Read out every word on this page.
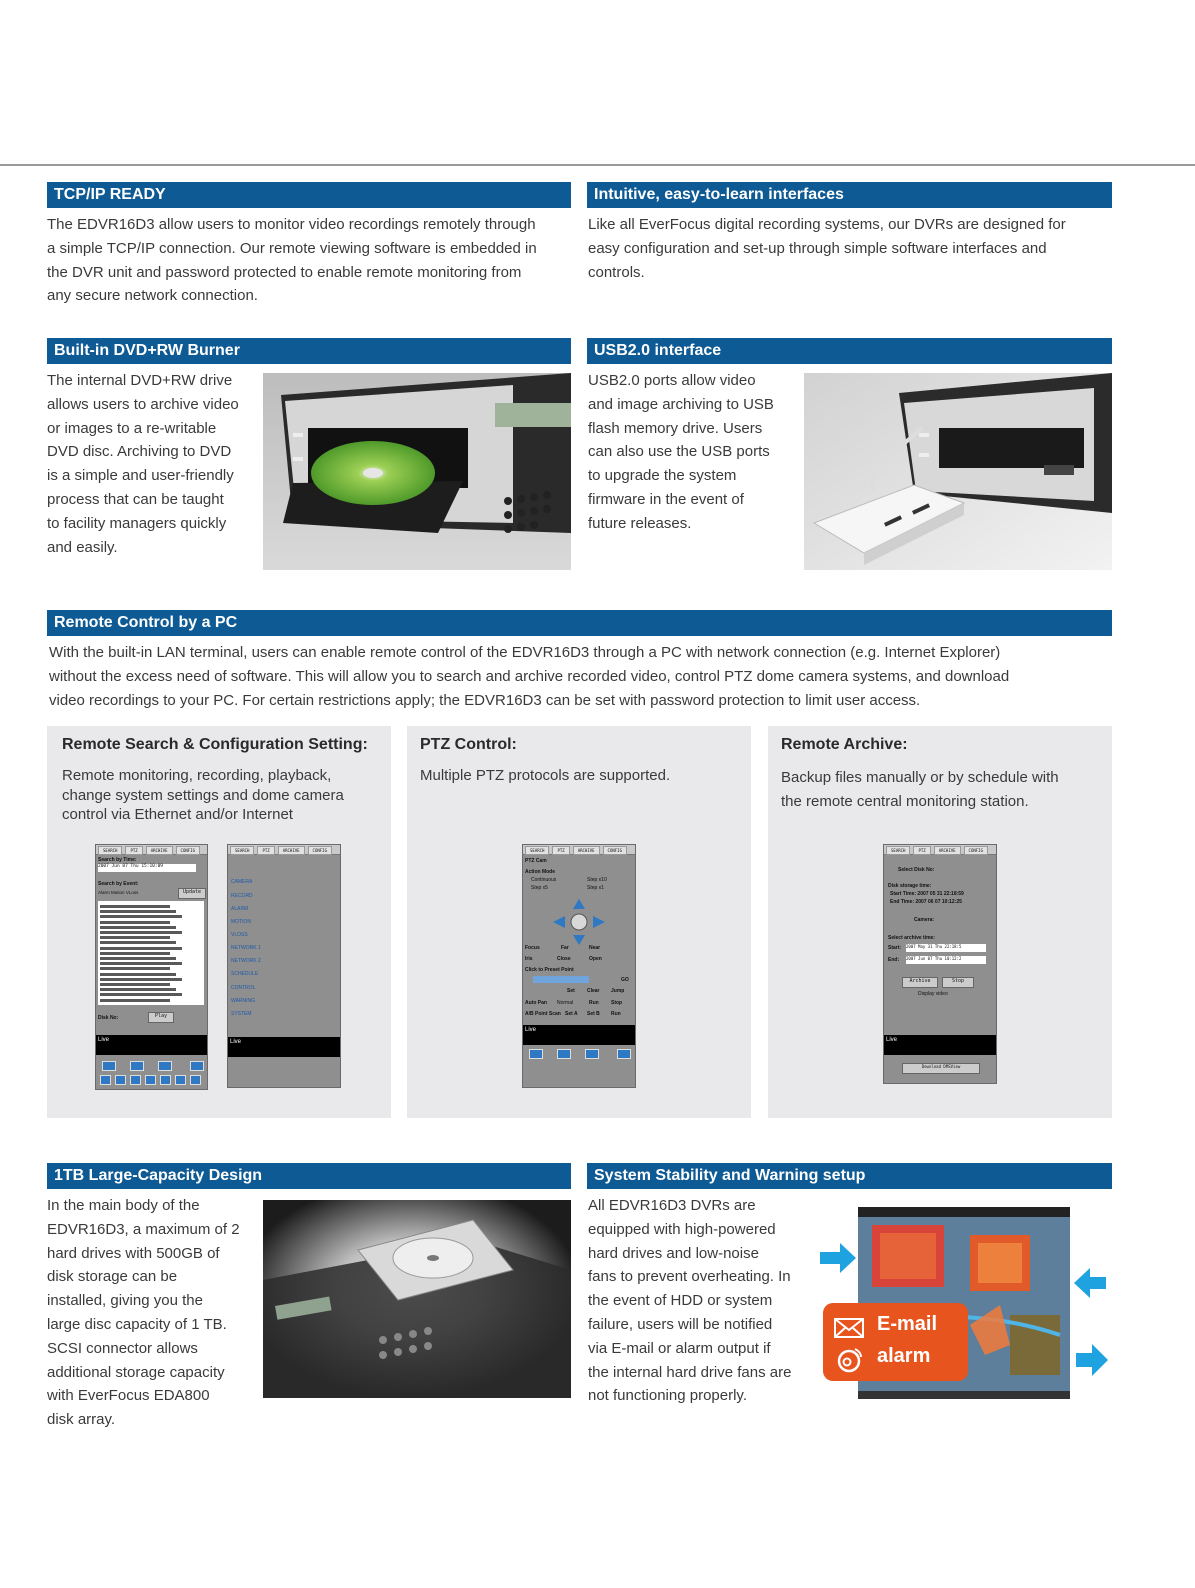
TCP/IP READY
The EDVR16D3 allow users to monitor video recordings remotely through
a simple TCP/IP connection. Our remote viewing software is embedded in
the DVR unit and password protected to enable remote monitoring from
any secure network connection.
Intuitive, easy-to-learn interfaces
Like all EverFocus digital recording systems, our DVRs are designed for
easy configuration and set-up through simple software interfaces and
controls.
Built-in DVD+RW Burner
The internal DVD+RW drive
allows users to archive video
or images to a re-writable
DVD disc. Archiving to DVD
is a simple and user-friendly
process that can be taught
to facility managers quickly
and easily.
USB2.0 interface
USB2.0 ports allow video
and image archiving to USB
flash memory drive. Users
can also use the USB ports
to upgrade the system
firmware in the event of
future releases.
Remote Control by a PC
With the built-in LAN terminal, users can enable remote control of the EDVR16D3 through a PC with network connection (e.g. Internet Explorer)
without the excess need of software. This will allow you to search and archive recorded video, control PTZ dome camera systems, and download
video recordings to your PC. For certain restrictions apply; the EDVR16D3 can be set with password protection to limit user access.
Remote Search & Configuration Setting:
Remote monitoring, recording, playback,
change system settings and dome camera
control via Ethernet and/or Internet
SEARCH	PTZ	ARCHIVE	CONFIG
Search by Time:
2007 Jun 07 Thu 15:10:09
Search by Event:
Alarm Motion VLoss	Update
Disk No:	Play
Live
SEARCH	PTZ	ARCHIVE	CONFIG
CAMERA
RECORD
ALARM
MOTION
VLOSS
NETWORK 1
NETWORK 2
SCHEDULE
CONTROL
WARNING
SYSTEM
Live
PTZ Control:
Multiple PTZ protocols are supported.
SEARCH	PTZ	ARCHIVE	CONFIG
PTZ Cam
Action Mode
Continuous	Step x10
Step x5	Step x1
Focus	Far	Near
Iris	Close	Open
Click to Preset Point
GO
Set Clear Jump
Auto Pan Normal	Run Stop
A/B Point Scan Set A Set B Run
Live
Remote Archive:
Backup files manually or by schedule with
the remote central monitoring station.
SEARCH	PTZ	ARCHIVE	CONFIG
Select Disk No:
Disk storage time:
Start Time: 2007 05 31 22:18:59
End Time: 2007 06 07 10:12:25
Camera:
Select archive time:
Start: 2007 May 31 Thu 22:18:5
End: 2007 Jun 07 Thu 10:12:2
Archive	Stop
Display video
Live
Download DMSView
1TB Large-Capacity Design
In the main body of the
EDVR16D3, a maximum of 2
hard drives with 500GB of
disk storage can be
installed, giving you the
large disc capacity of 1 TB.
SCSI connector allows
additional storage capacity
with EverFocus EDA800
disk array.
System Stability and Warning setup
All EDVR16D3 DVRs are
equipped with high-powered
hard drives and low-noise
fans to prevent overheating. In
the event of HDD or system
failure, users will be notified
via E-mail or alarm output if
the internal hard drive fans are
not functioning properly.
E-mail
alarm
